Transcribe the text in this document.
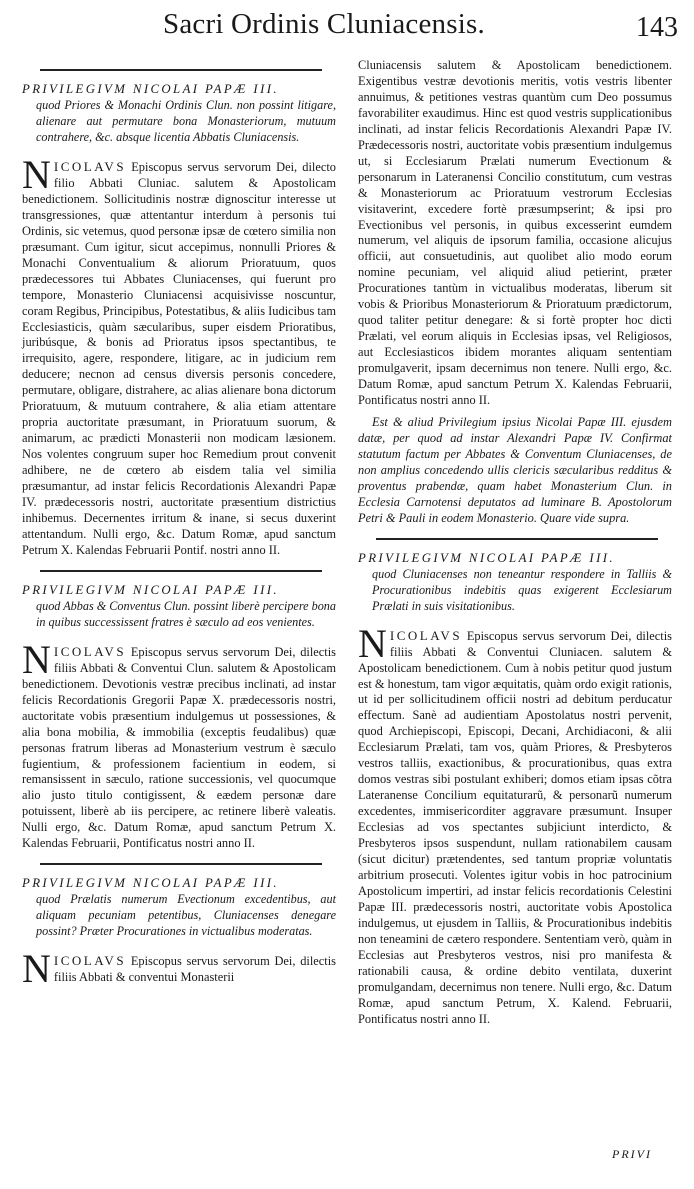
Sacri Ordinis Cluniacensis.	143
PRIVILEGIVM NICOLAI PAPÆ III.
quod Priores & Monachi Ordinis Clun. non possint litigare, alienare aut permutare bona Monasteriorum, mutuum contrahere, &c. absque licentia Abbatis Cluniacensis.

NICOLAVS Episcopus servus servorum Dei, dilecto filio Abbati Cluniac. salutem & Apostolicam benedictionem. Sollicitudinis nostræ dignoscitur interesse ut transgressiones, quæ attentantur interdum à personis tui Ordinis, sic vetemus, quod personæ ipsæ de cœtero similia non præsumant. Cum igitur, sicut accepimus, nonnulli Priores & Monachi Conventualium & aliorum Prioratuum, quos prædecessores tui Abbates Cluniacenses, qui fuerunt pro tempore, Monasterio Cluniacensi acquisivisse noscuntur, coram Regibus, Principibus, Potestatibus, & aliis Iudicibus tam Ecclesiasticis, quàm sæcularibus, super eisdem Prioratibus, juribúsque, & bonis ad Prioratus ipsos spectantibus, te irrequisito, agere, respondere, litigare, ac in judicium rem deducere; necnon ad census diversis personis concedere, permutare, obligare, distrahere, ac alias alienare bona dictorum Prioratuum, & mutuum contrahere, & alia etiam attentare propria auctoritate præsumant, in Prioratuum suorum, & animarum, ac prædicti Monasterii non modicam læsionem. Nos volentes congruum super hoc Remedium prout convenit adhibere, ne de cœtero ab eisdem talia vel similia præsumantur, ad instar felicis Recordationis Alexandri Papæ IV. prædecessoris nostri, auctoritate præsentium districtius inhibemus. Decernentes irritum & inane, si secus duxerint attentandum. Nulli ergo, &c. Datum Romæ, apud sanctum Petrum X. Kalendas Februarii Pontif. nostri anno II.

PRIVILEGIVM NICOLAI PAPÆ III.
quod Abbas & Conventus Clun. possint liberè percipere bona in quibus successissent fratres è sæculo ad eos venientes.

NICOLAVS Episcopus servus servorum Dei, dilectis filiis Abbati & Conventui Clun. salutem & Apostolicam benedictionem. Devotionis vestræ precibus inclinati, ad instar felicis Recordationis Gregorii Papæ X. prædecessoris nostri, auctoritate vobis præsentium indulgemus ut possessiones, & alia bona mobilia, & immobilia (exceptis feudalibus) quæ personas fratrum liberas ad Monasterium vestrum è sæculo fugientium, & professionem facientium in eodem, si remansissent in sæculo, ratione successionis, vel quocumque alio justo titulo contigissent, & eædem personæ dare potuissent, liberè ab iis percipere, ac retinere liberè valeatis. Nulli ergo, &c. Datum Romæ, apud sanctum Petrum X. Kalendas Februarii, Pontificatus nostri anno II.

PRIVILEGIVM NICOLAI PAPÆ III.
quod Prælatis numerum Evectionum excedentibus, aut aliquam pecuniam petentibus, Cluniacenses denegare possint? Præter Procurationes in victualibus moderatas.

NICOLAVS Episcopus servus servorum Dei, dilectis filiis Abbati & conventui Monasterii

Cluniacensis salutem & Apostolicam benedictionem. Exigentibus vestræ devotionis meritis, votis vestris libenter annuimus, & petitiones vestras quantùm cum Deo possumus favorabiliter exaudimus. Hinc est quod vestris supplicationibus inclinati, ad instar felicis Recordationis Alexandri Papæ IV. Prædecessoris nostri, auctoritate vobis præsentium indulgemus ut, si Ecclesiarum Prælati numerum Evectionum & personarum in Lateranensi Concilio constitutum, cum vestras & Monasteriorum ac Prioratuum vestrorum Ecclesias visitaverint, excedere fortè præsumpserint; & ipsi pro Evectionibus vel personis, in quibus excesserint eumdem numerum, vel aliquis de ipsorum familia, occasione alicujus officii, aut consuetudinis, aut quolibet alio modo eorum nomine pecuniam, vel aliquid aliud petierint, præter Procurationes tantùm in victualibus moderatas, liberum sit vobis & Prioribus Monasteriorum & Prioratuum prædictorum, quod taliter petitur denegare: & si fortè propter hoc dicti Prælati, vel eorum aliquis in Ecclesias ipsas, vel Religiosos, aut Ecclesiasticos ibidem morantes aliquam sententiam promulgaverit, ipsam decernimus non tenere. Nulli ergo, &c. Datum Romæ, apud sanctum Petrum X. Kalendas Februarii, Pontificatus nostri anno II.

Est & aliud Privilegium ipsius Nicolai Papæ III. ejusdem datæ, per quod ad instar Alexandri Papæ IV. Confirmat statutum factum per Abbates & Conventum Cluniacenses, de non amplius concedendo ullis clericis sæcularibus redditus & proventus prabendæ, quam habet Monasterium Clun. in Ecclesia Carnotensi deputatos ad luminare B. Apostolorum Petri & Pauli in eodem Monasterio. Quare vide supra.

PRIVILEGIVM NICOLAI PAPÆ III.
quod Cluniacenses non teneantur respondere in Talliis & Procurationibus indebitis quas exigerent Ecclesiarum Prælati in suis visitationibus.

NICOLAVS Episcopus servus servorum Dei, dilectis filiis Abbati & Conventui Cluniacen. salutem & Apostolicam benedictionem. Cum à nobis petitur quod justum est & honestum, tam vigor æquitatis, quàm ordo exigit rationis, ut id per sollicitudinem officii nostri ad debitum perducatur effectum. Sanè ad audientiam Apostolatus nostri pervenit, quod Archiepiscopi, Episcopi, Decani, Archidiaconi, & alii Ecclesiarum Prælati, tam vos, quàm Priores, & Presbyteros vestros talliis, exactionibus, & procurationibus, quas extra domos vestras sibi postulant exhiberi; domos etiam ipsas cõtra Lateranense Concilium equitaturarũ, & personarũ numerum excedentes, immisericorditer aggravare præsumunt. Insuper Ecclesias ad vos spectantes subjiciunt interdicto, & Presbyteros ipsos suspendunt, nullam rationabilem causam (sicut dicitur) prætendentes, sed tantum propriæ voluntatis arbitrium prosecuti. Volentes igitur vobis in hoc patrocinium Apostolicum impertiri, ad instar felicis recordationis Celestini Papæ III. prædecessoris nostri, auctoritate vobis Apostolica indulgemus, ut ejusdem in Talliis, & Procurationibus indebitis non teneamini de cætero respondere. Sententiam verò, quàm in Ecclesias aut Presbyteros vestros, nisi pro manifesta & rationabili causa, & ordine debito ventilata, duxerint promulgandam, decernimus non tenere. Nulli ergo, &c. Datum Romæ, apud sanctum Petrum, X. Kalend. Februarii, Pontificatus nostri anno II.

PRIVI
